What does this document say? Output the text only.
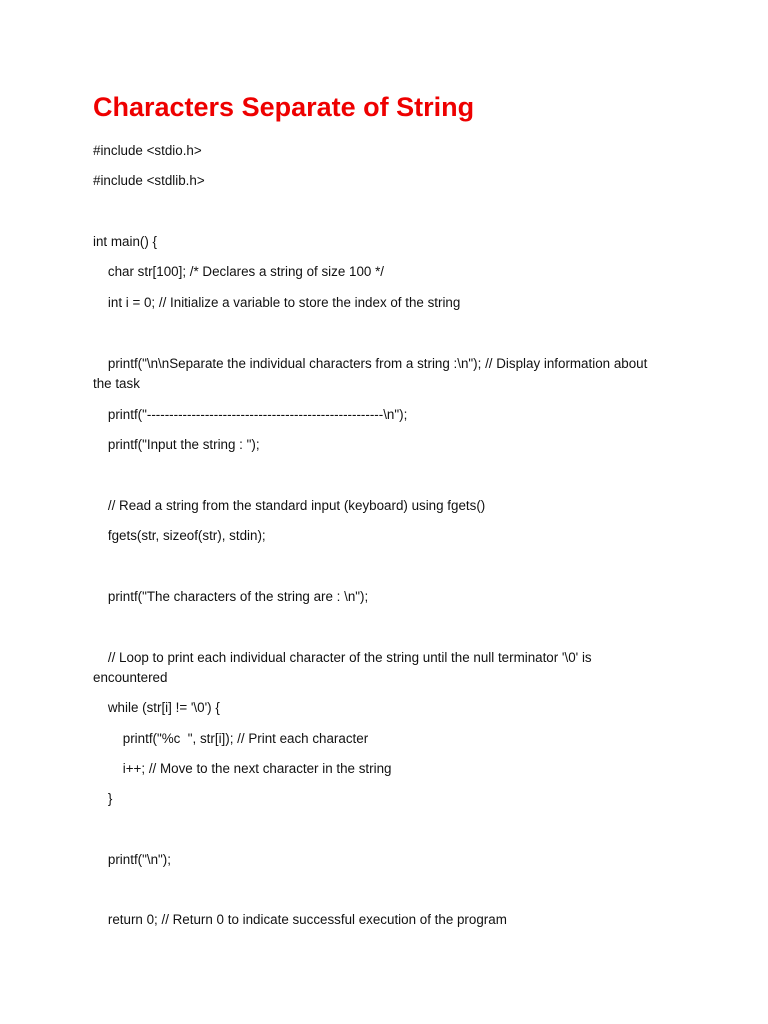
Characters Separate of String

#include <stdio.h>

#include <stdlib.h>

int main() {

char str[100]; /* Declares a string of size 100 */

int i = 0; // Initialize a variable to store the index of the string

printf("\n\nSeparate the individual characters from a string :\n"); // Display information about the task

printf("-----------------------------------------------------\n");

printf("Input the string : ");

// Read a string from the standard input (keyboard) using fgets()

fgets(str, sizeof(str), stdin);

printf("The characters of the string are : \n");

// Loop to print each individual character of the string until the null terminator '\0' is encountered

while (str[i] != '\0') {

printf("%c  ", str[i]); // Print each character

i++; // Move to the next character in the string

}

printf("\n");

return 0; // Return 0 to indicate successful execution of the program
